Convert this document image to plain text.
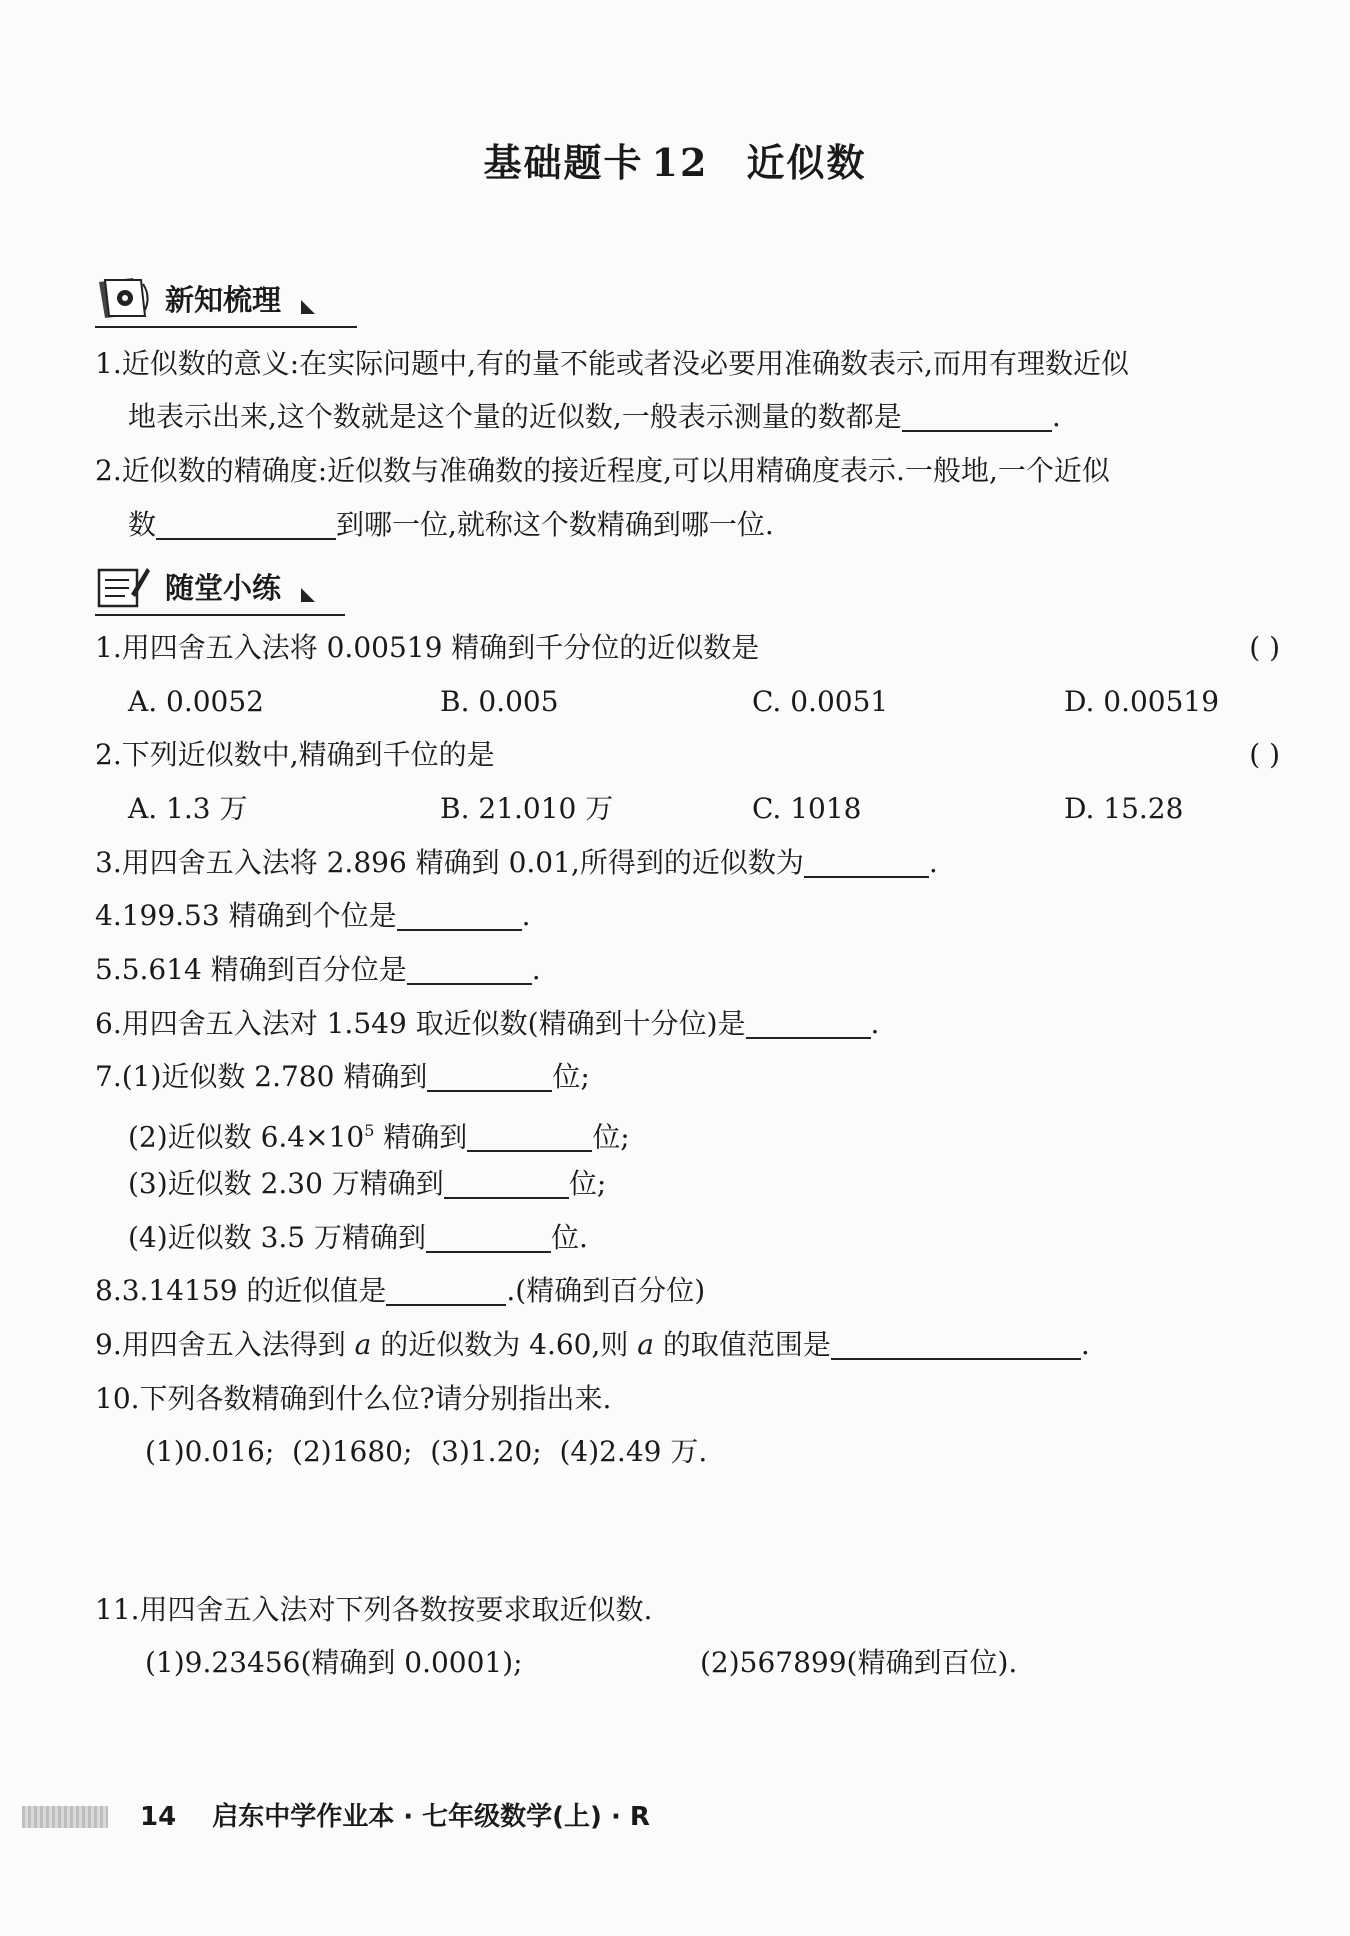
基础题卡 12 近似数
新知梳理
1.近似数的意义:在实际问题中,有的量不能或者没必要用准确数表示,而用有理数近似
地表示出来,这个数就是这个量的近似数,一般表示测量的数都是	.
2.近似数的精确度:近似数与准确数的接近程度,可以用精确度表示.一般地,一个近似
数	到哪一位,就称这个数精确到哪一位.
随堂小练
1.用四舍五入法将 0.00519 精确到千分位的近似数是	( )
A. 0.0052	B. 0.005	C. 0.0051	D. 0.00519
2.下列近似数中,精确到千位的是	( )
A. 1.3 万	B. 21.010 万	C. 1018	D. 15.28
3.用四舍五入法将 2.896 精确到 0.01,所得到的近似数为	.
4.199.53 精确到个位是	.
5.5.614 精确到百分位是	.
6.用四舍五入法对 1.549 取近似数(精确到十分位)是	.
7.(1)近似数 2.780 精确到	位;
(2)近似数 $6.4\times 10^5$ 精确到	位;
(3)近似数 2.30 万精确到	位;
(4)近似数 3.5 万精确到	位.
8.3.14159 的近似值是	.(精确到百分位)
9.用四舍五入法得到 a 的近似数为 4.60,则 a 的取值范围是	.
10.下列各数精确到什么位?请分别指出来.
(1)0.016;  (2)1680;  (3)1.20;  (4)2.49 万.
11.用四舍五入法对下列各数按要求取近似数.
(1)9.23456(精确到 0.0001);	(2)567899(精确到百位).
14 启东中学作业本 · 七年级数学(上) · R
